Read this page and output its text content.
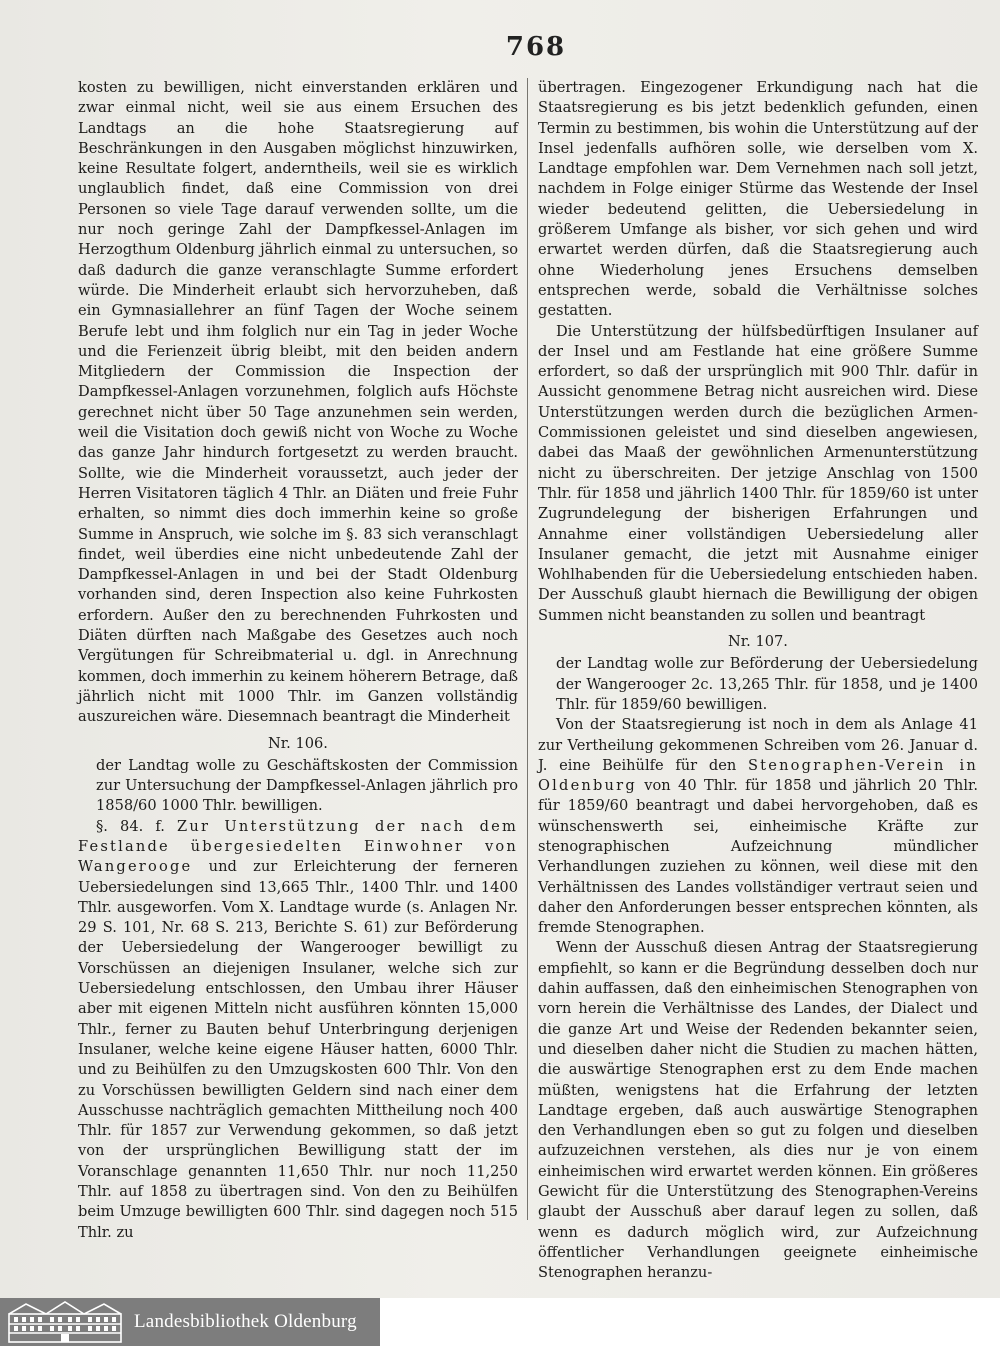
768

kosten zu bewilligen, nicht einverstanden erklären und zwar einmal nicht, weil sie aus einem Ersuchen des Landtags an die hohe Staatsregierung auf Beschränkungen in den Ausgaben möglichst hinzuwirken, keine Resultate folgert, anderntheils, weil sie es wirklich unglaublich findet, daß eine Commission von drei Personen so viele Tage darauf verwenden sollte, um die nur noch geringe Zahl der Dampfkessel-Anlagen im Herzogthum Oldenburg jährlich einmal zu untersuchen, so daß dadurch die ganze veranschlagte Summe erfordert würde. Die Minderheit erlaubt sich hervorzuheben, daß ein Gymnasiallehrer an fünf Tagen der Woche seinem Berufe lebt und ihm folglich nur ein Tag in jeder Woche und die Ferienzeit übrig bleibt, mit den beiden andern Mitgliedern der Commission die Inspection der Dampfkessel-Anlagen vorzunehmen, folglich aufs Höchste gerechnet nicht über 50 Tage anzunehmen sein werden, weil die Visitation doch gewiß nicht von Woche zu Woche das ganze Jahr hindurch fortgesetzt zu werden braucht. Sollte, wie die Minderheit voraussetzt, auch jeder der Herren Visitatoren täglich 4 Thlr. an Diäten und freie Fuhr erhalten, so nimmt dies doch immerhin keine so große Summe in Anspruch, wie solche im §. 83 sich veranschlagt findet, weil überdies eine nicht unbedeutende Zahl der Dampfkessel-Anlagen in und bei der Stadt Oldenburg vorhanden sind, deren Inspection also keine Fuhrkosten erfordern. Außer den zu berechnenden Fuhrkosten und Diäten dürften nach Maßgabe des Gesetzes auch noch Vergütungen für Schreibmaterial u. dgl. in Anrechnung kommen, doch immerhin zu keinem höherern Betrage, daß jährlich nicht mit 1000 Thlr. im Ganzen vollständig auszureichen wäre. Diesemnach beantragt die Minderheit

Nr. 106.

der Landtag wolle zu Geschäftskosten der Commission zur Untersuchung der Dampfkessel-Anlagen jährlich pro 1858/60 1000 Thlr. bewilligen.

§. 84. f. Zur Unterstützung der nach dem Festlande übergesiedelten Einwohner von Wangerooge und zur Erleichterung der ferneren Uebersiedelungen sind 13,665 Thlr., 1400 Thlr. und 1400 Thlr. ausgeworfen. Vom X. Landtage wurde (s. Anlagen Nr. 29 S. 101, Nr. 68 S. 213, Berichte S. 61) zur Beförderung der Uebersiedelung der Wangerooger bewilligt zu Vorschüssen an diejenigen Insulaner, welche sich zur Uebersiedelung entschlossen, den Umbau ihrer Häuser aber mit eigenen Mitteln nicht ausführen könnten 15,000 Thlr., ferner zu Bauten behuf Unterbringung derjenigen Insulaner, welche keine eigene Häuser hatten, 6000 Thlr. und zu Beihülfen zu den Umzugskosten 600 Thlr. Von den zu Vorschüssen bewilligten Geldern sind nach einer dem Ausschusse nachträglich gemachten Mittheilung noch 400 Thlr. für 1857 zur Verwendung gekommen, so daß jetzt von der ursprünglichen Bewilligung statt der im Voranschlage genannten 11,650 Thlr. nur noch 11,250 Thlr. auf 1858 zu übertragen sind. Von den zu Beihülfen beim Umzuge bewilligten 600 Thlr. sind dagegen noch 515 Thlr. zu

übertragen. Eingezogener Erkundigung nach hat die Staatsregierung es bis jetzt bedenklich gefunden, einen Termin zu bestimmen, bis wohin die Unterstützung auf der Insel jedenfalls aufhören solle, wie derselben vom X. Landtage empfohlen war. Dem Vernehmen nach soll jetzt, nachdem in Folge einiger Stürme das Westende der Insel wieder bedeutend gelitten, die Uebersiedelung in größerem Umfange als bisher, vor sich gehen und wird erwartet werden dürfen, daß die Staatsregierung auch ohne Wiederholung jenes Ersuchens demselben entsprechen werde, sobald die Verhältnisse solches gestatten.

Die Unterstützung der hülfsbedürftigen Insulaner auf der Insel und am Festlande hat eine größere Summe erfordert, so daß der ursprünglich mit 900 Thlr. dafür in Aussicht genommene Betrag nicht ausreichen wird. Diese Unterstützungen werden durch die bezüglichen Armen-Commissionen geleistet und sind dieselben angewiesen, dabei das Maaß der gewöhnlichen Armenunterstützung nicht zu überschreiten. Der jetzige Anschlag von 1500 Thlr. für 1858 und jährlich 1400 Thlr. für 1859/60 ist unter Zugrundelegung der bisherigen Erfahrungen und Annahme einer vollständigen Uebersiedelung aller Insulaner gemacht, die jetzt mit Ausnahme einiger Wohlhabenden für die Uebersiedelung entschieden haben. Der Ausschuß glaubt hiernach die Bewilligung der obigen Summen nicht beanstanden zu sollen und beantragt

Nr. 107.

der Landtag wolle zur Beförderung der Uebersiedelung der Wangerooger 2c. 13,265 Thlr. für 1858, und je 1400 Thlr. für 1859/60 bewilligen.

Von der Staatsregierung ist noch in dem als Anlage 41 zur Vertheilung gekommenen Schreiben vom 26. Januar d. J. eine Beihülfe für den Stenographen-Verein in Oldenburg von 40 Thlr. für 1858 und jährlich 20 Thlr. für 1859/60 beantragt und dabei hervorgehoben, daß es wünschenswerth sei, einheimische Kräfte zur stenographischen Aufzeichnung mündlicher Verhandlungen zuziehen zu können, weil diese mit den Verhältnissen des Landes vollständiger vertraut seien und daher den Anforderungen besser entsprechen könnten, als fremde Stenographen.

Wenn der Ausschuß diesen Antrag der Staatsregierung empfiehlt, so kann er die Begründung desselben doch nur dahin auffassen, daß den einheimischen Stenographen von vorn herein die Verhältnisse des Landes, der Dialect und die ganze Art und Weise der Redenden bekannter seien, und dieselben daher nicht die Studien zu machen hätten, die auswärtige Stenographen erst zu dem Ende machen müßten, wenigstens hat die Erfahrung der letzten Landtage ergeben, daß auch auswärtige Stenographen den Verhandlungen eben so gut zu folgen und dieselben aufzuzeichnen verstehen, als dies nur je von einem einheimischen wird erwartet werden können. Ein größeres Gewicht für die Unterstützung des Stenographen-Vereins glaubt der Ausschuß aber darauf legen zu sollen, daß wenn es dadurch möglich wird, zur Aufzeichnung öffentlicher Verhandlungen geeignete einheimische Stenographen heranzu-

Landesbibliothek Oldenburg
